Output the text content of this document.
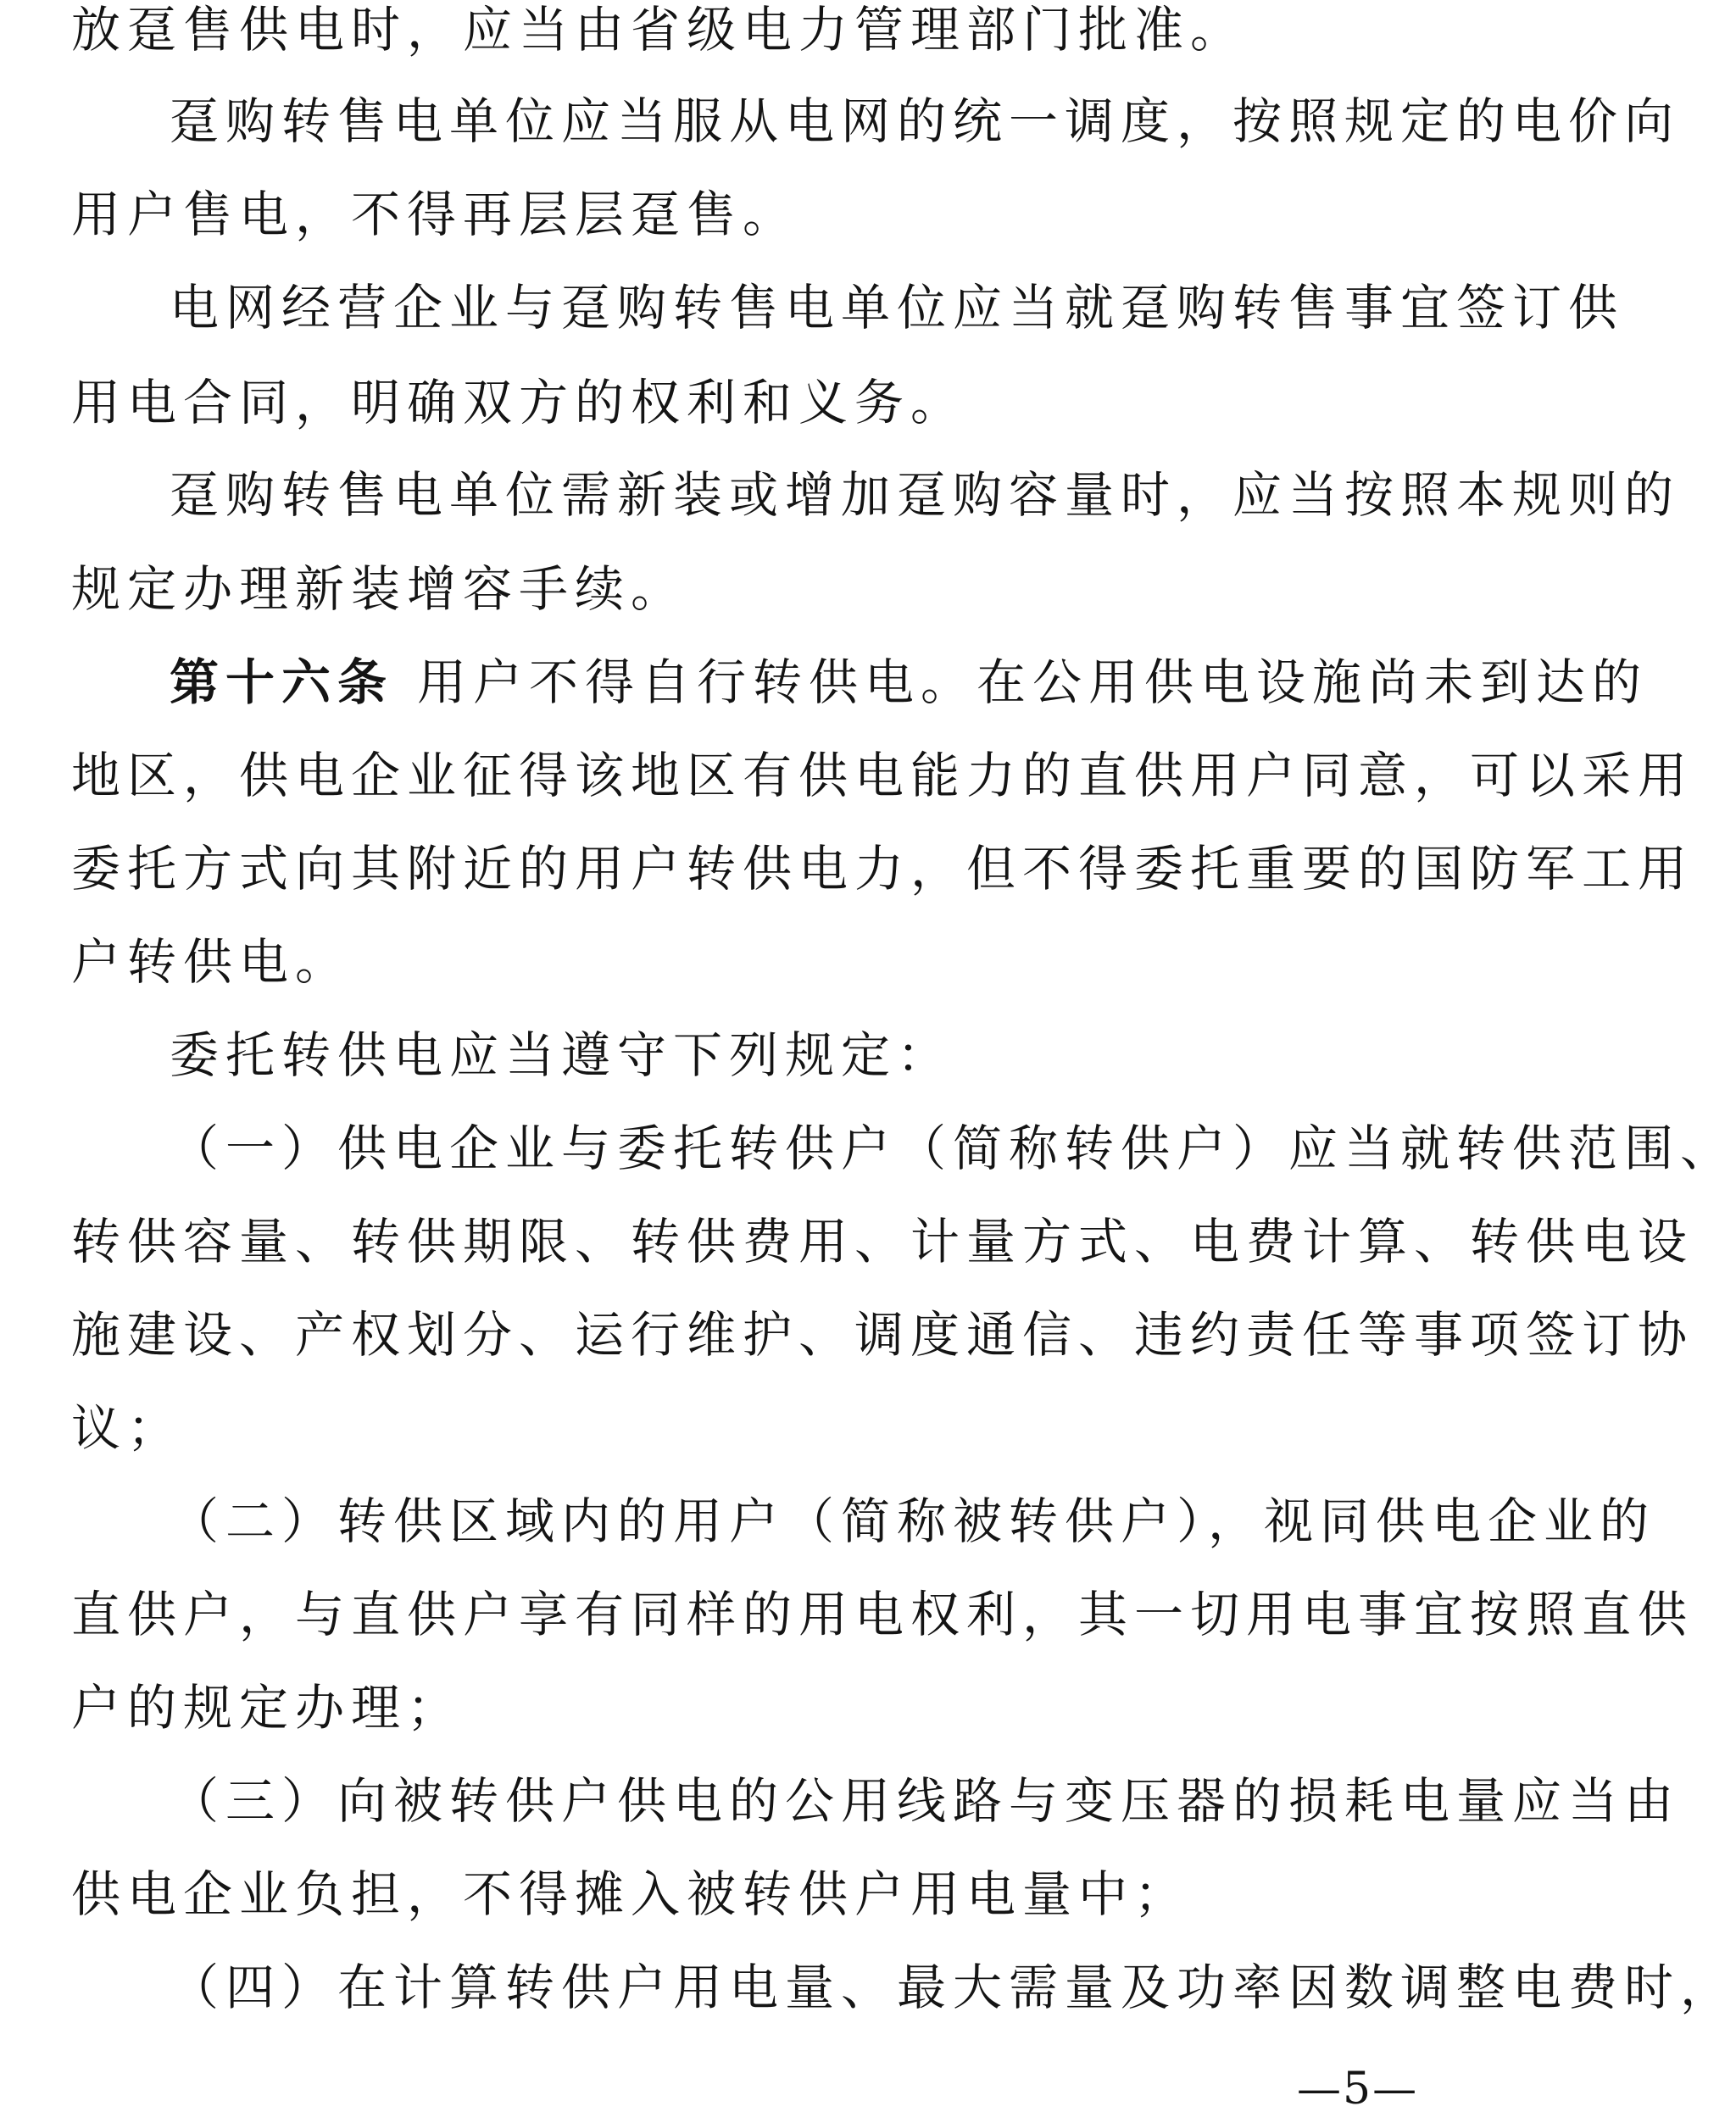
放趸售供电时，应当由省级电力管理部门批准。
趸购转售电单位应当服从电网的统一调度，按照规定的电价向
用户售电，不得再层层趸售。
电网经营企业与趸购转售电单位应当就趸购转售事宜签订供
用电合同，明确双方的权利和义务。
趸购转售电单位需新装或增加趸购容量时，应当按照本规则的
规定办理新装增容手续。
第十六条 用户不得自行转供电。在公用供电设施尚未到达的
地区，供电企业征得该地区有供电能力的直供用户同意，可以采用
委托方式向其附近的用户转供电力，但不得委托重要的国防军工用
户转供电。
委托转供电应当遵守下列规定：
（一）供电企业与委托转供户（简称转供户）应当就转供范围、
转供容量、转供期限、转供费用、计量方式、电费计算、转供电设
施建设、产权划分、运行维护、调度通信、违约责任等事项签订协
议；
（二）转供区域内的用户（简称被转供户），视同供电企业的
直供户，与直供户享有同样的用电权利，其一切用电事宜按照直供
户的规定办理；
（三）向被转供户供电的公用线路与变压器的损耗电量应当由
供电企业负担，不得摊入被转供户用电量中；
（四）在计算转供户用电量、最大需量及功率因数调整电费时，
—5—
